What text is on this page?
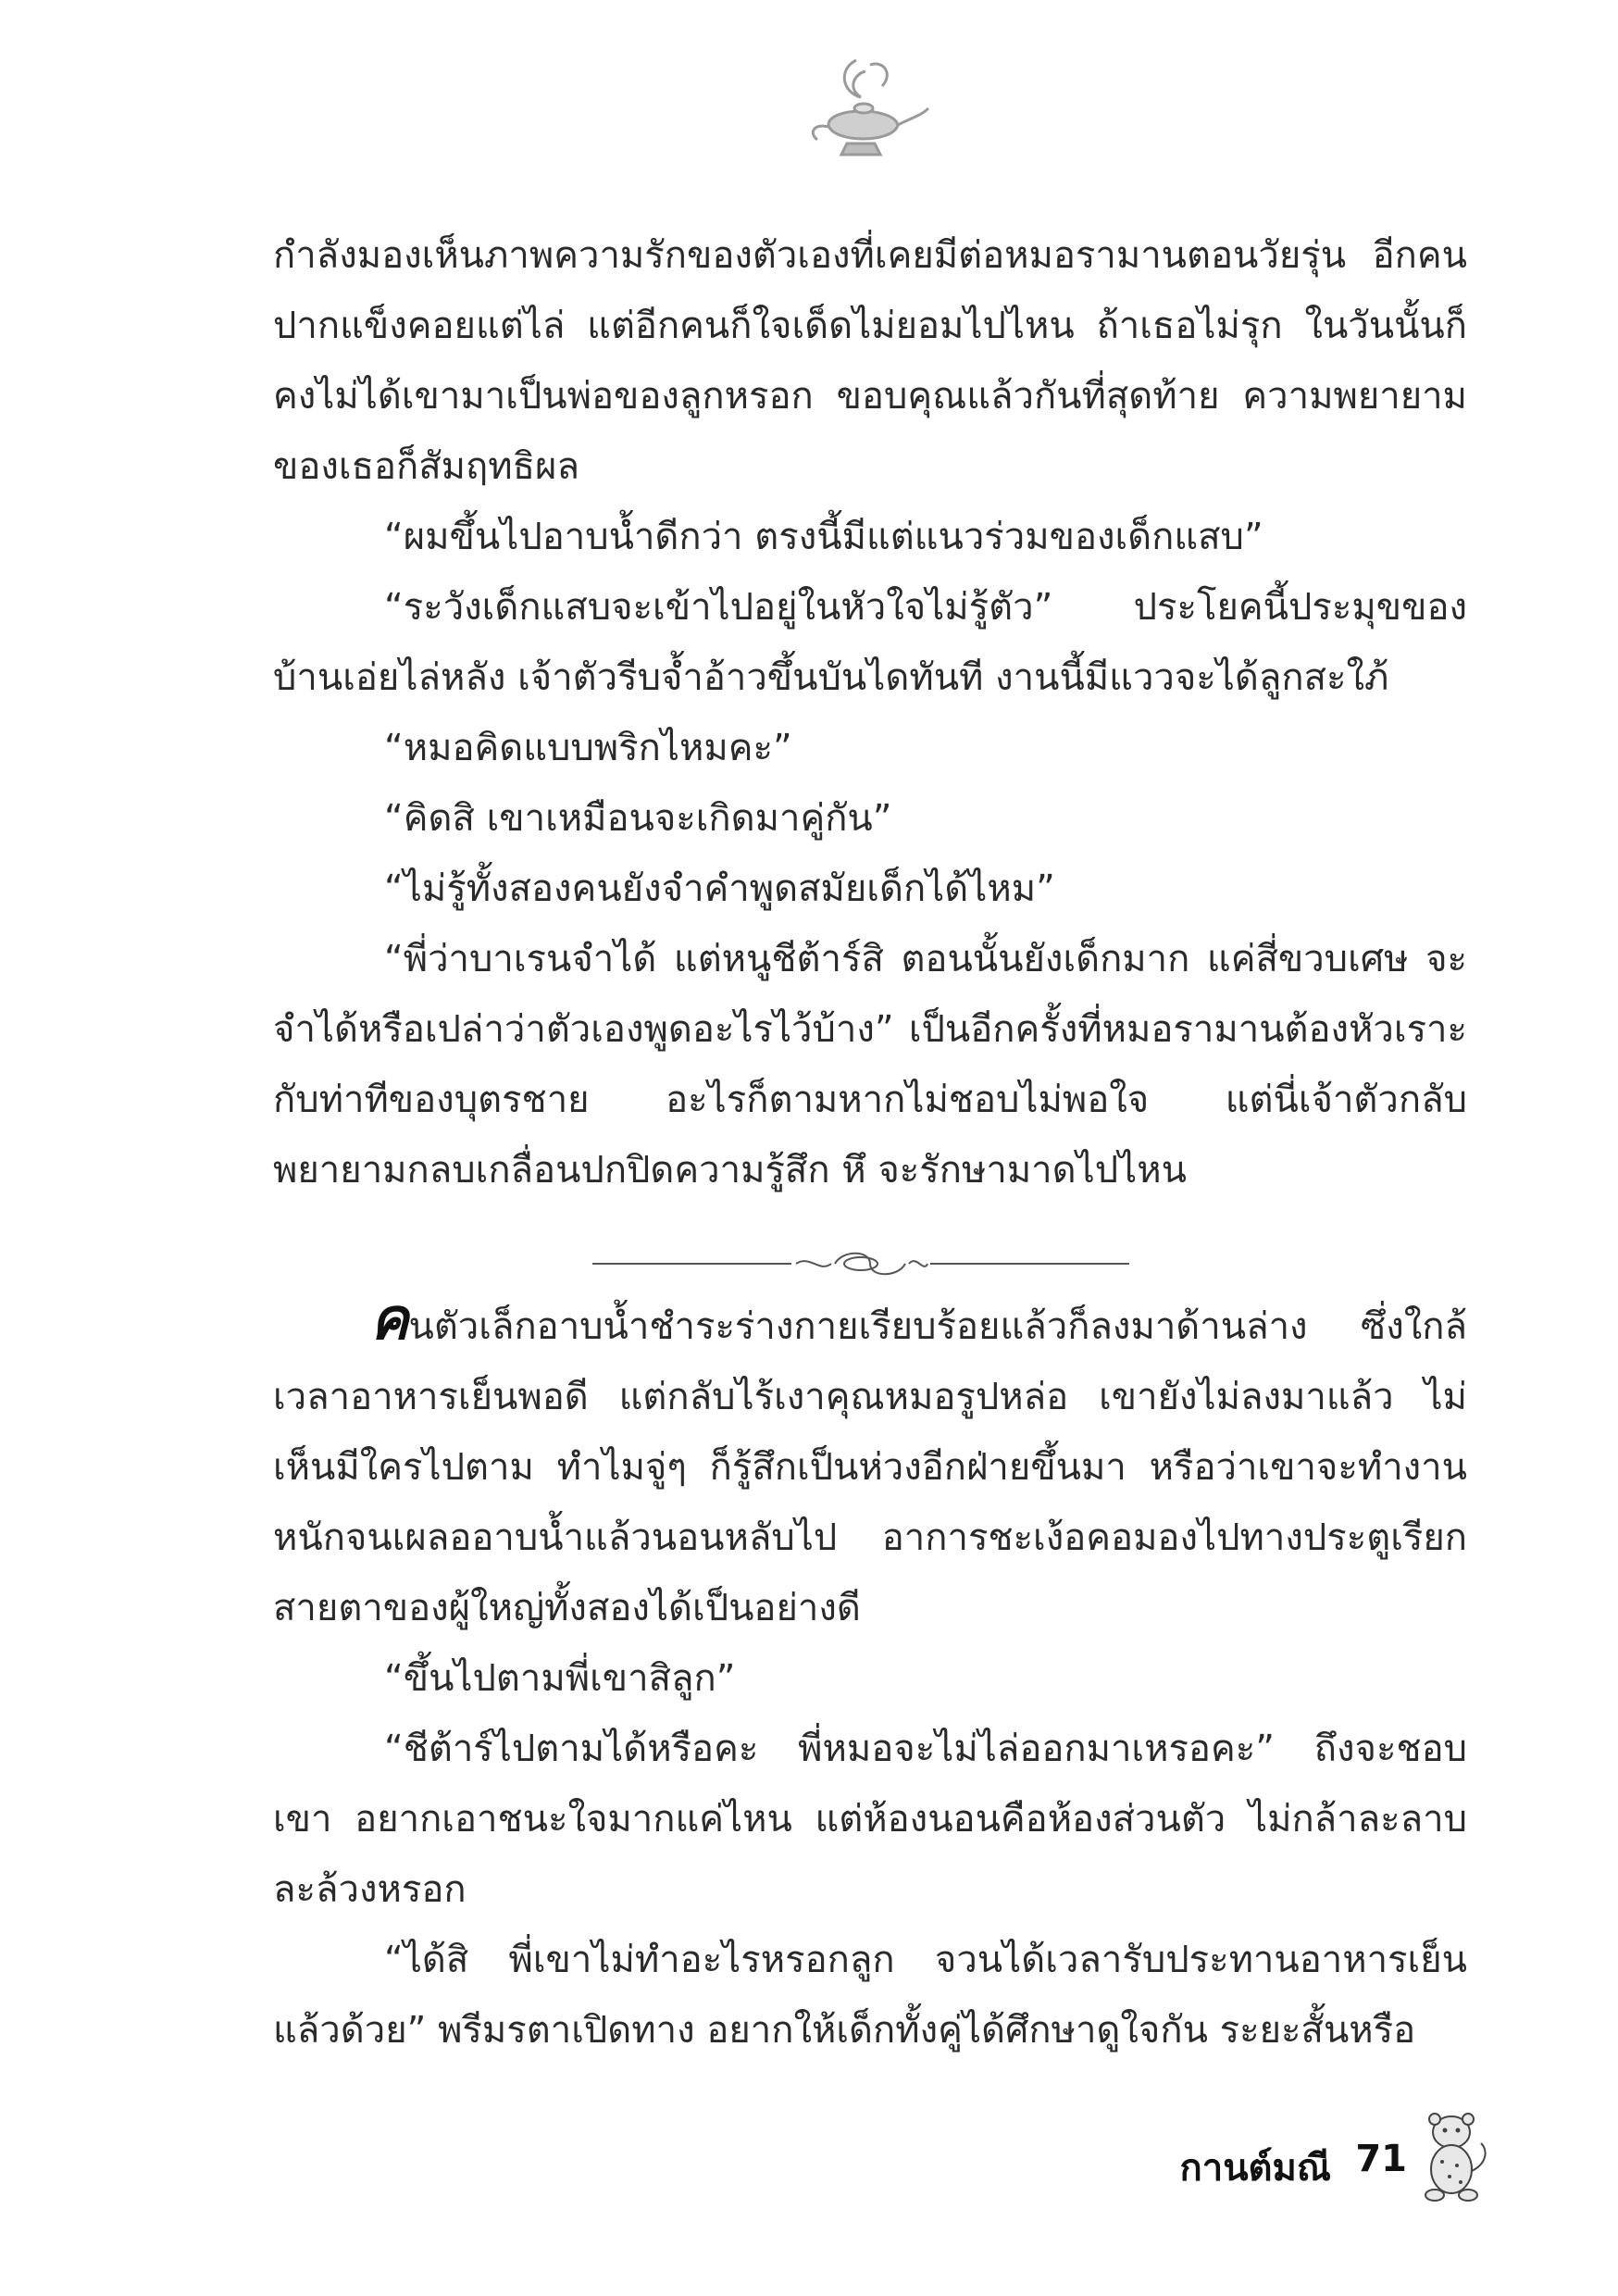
กำลังมองเห็นภาพความรักของตัวเองที่เคยมีต่อหมอรามานตอนวัยรุ่น อีกคนปากแข็งคอยแต่ไล่ แต่อีกคนก็ใจเด็ดไม่ยอมไปไหน ถ้าเธอไม่รุก ในวันนั้นก็คงไม่ได้เขามาเป็นพ่อของลูกหรอก ขอบคุณแล้วกันที่สุดท้าย ความพยายามของเธอก็สัมฤทธิผล

“ผมขึ้นไปอาบน้ำดีกว่า ตรงนี้มีแต่แนวร่วมของเด็กแสบ”

“ระวังเด็กแสบจะเข้าไปอยู่ในหัวใจไม่รู้ตัว” ประโยคนี้ประมุขของบ้านเอ่ยไล่หลัง เจ้าตัวรีบจ้ำอ้าวขึ้นบันไดทันที งานนี้มีแววจะได้ลูกสะใภ้

“หมอคิดแบบพริกไหมคะ”

“คิดสิ เขาเหมือนจะเกิดมาคู่กัน”

“ไม่รู้ทั้งสองคนยังจำคำพูดสมัยเด็กได้ไหม”

“พี่ว่าบาเรนจำได้ แต่หนูชีต้าร์สิ ตอนนั้นยังเด็กมาก แค่สี่ขวบเศษ จะจำได้หรือเปล่าว่าตัวเองพูดอะไรไว้บ้าง” เป็นอีกครั้งที่หมอรามานต้องหัวเราะกับท่าทีของบุตรชาย อะไรก็ตามหากไม่ชอบไม่พอใจ แต่นี่เจ้าตัวกลับพยายามกลบเกลื่อนปกปิดความรู้สึก หึ จะรักษามาดไปไหน

คนตัวเล็กอาบน้ำชำระร่างกายเรียบร้อยแล้วก็ลงมาด้านล่าง ซึ่งใกล้เวลาอาหารเย็นพอดี แต่กลับไร้เงาคุณหมอรูปหล่อ เขายังไม่ลงมาแล้ว ไม่เห็นมีใครไปตาม ทำไมจู่ๆ ก็รู้สึกเป็นห่วงอีกฝ่ายขึ้นมา หรือว่าเขาจะทำงานหนักจนเผลออาบน้ำแล้วนอนหลับไป อาการชะเง้อคอมองไปทางประตูเรียกสายตาของผู้ใหญ่ทั้งสองได้เป็นอย่างดี

“ขึ้นไปตามพี่เขาสิลูก”

“ชีต้าร์ไปตามได้หรือคะ พี่หมอจะไม่ไล่ออกมาเหรอคะ” ถึงจะชอบเขา อยากเอาชนะใจมากแค่ไหน แต่ห้องนอนคือห้องส่วนตัว ไม่กล้าละลาบละล้วงหรอก

“ได้สิ พี่เขาไม่ทำอะไรหรอกลูก จวนได้เวลารับประทานอาหารเย็นแล้วด้วย” พรีมรตาเปิดทาง อยากให้เด็กทั้งคู่ได้ศึกษาดูใจกัน ระยะสั้นหรือ

กานต์มณี 71
